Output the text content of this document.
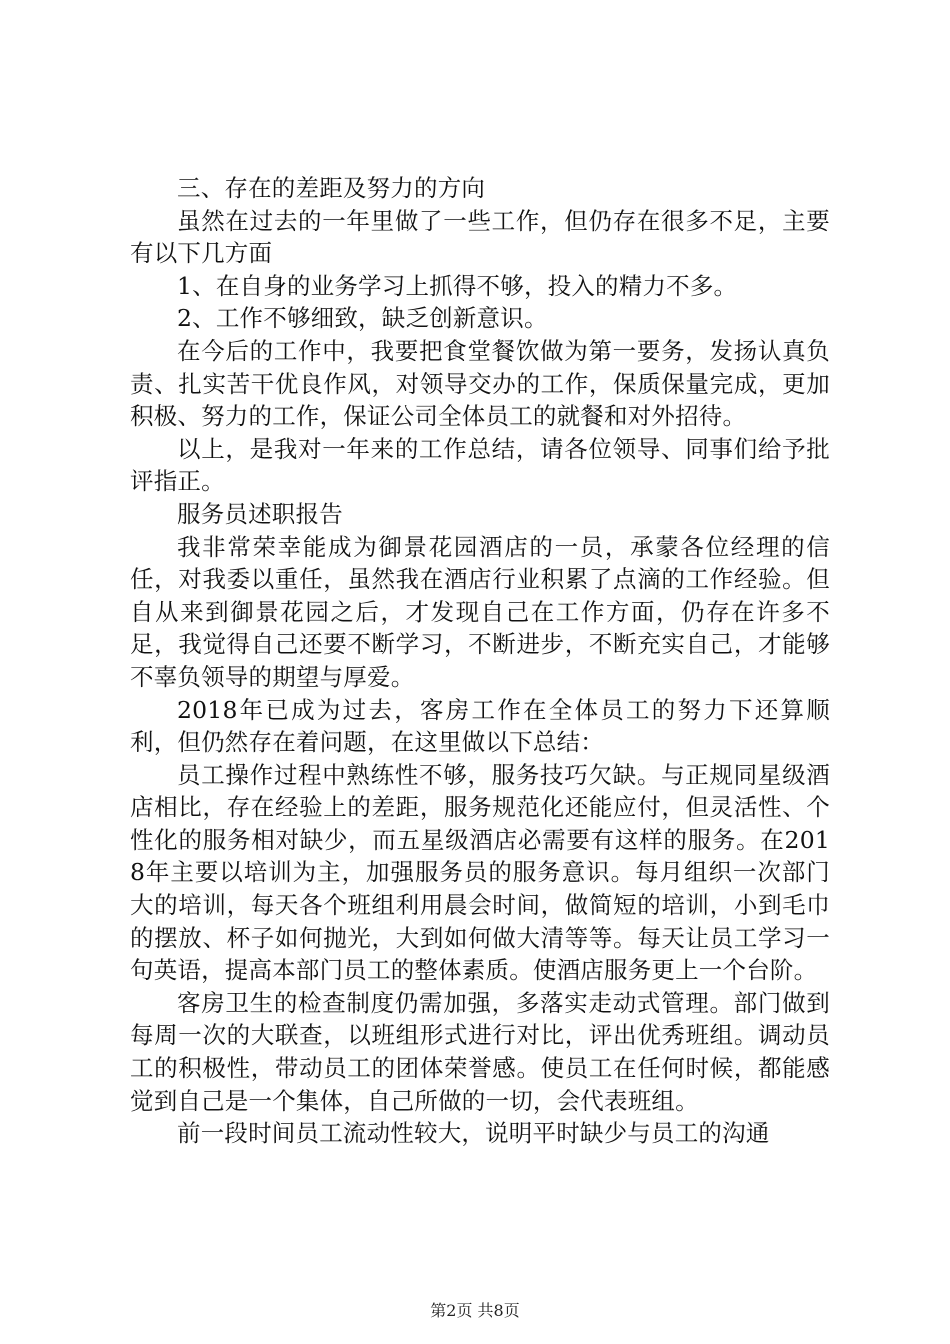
三、存在的差距及努力的方向

虽然在过去的一年里做了一些工作，但仍存在很多不足，主要有以下几方面

1、在自身的业务学习上抓得不够，投入的精力不多。

2、工作不够细致，缺乏创新意识。

在今后的工作中，我要把食堂餐饮做为第一要务，发扬认真负责、扎实苦干优良作风，对领导交办的工作，保质保量完成，更加积极、努力的工作，保证公司全体员工的就餐和对外招待。

以上，是我对一年来的工作总结，请各位领导、同事们给予批评指正。

服务员述职报告

我非常荣幸能成为御景花园酒店的一员，承蒙各位经理的信任，对我委以重任，虽然我在酒店行业积累了点滴的工作经验。但自从来到御景花园之后，才发现自己在工作方面，仍存在许多不足，我觉得自己还要不断学习，不断进步，不断充实自己，才能够不辜负领导的期望与厚爱。

2018年已成为过去，客房工作在全体员工的努力下还算顺利，但仍然存在着问题，在这里做以下总结：

员工操作过程中熟练性不够，服务技巧欠缺。与正规同星级酒店相比，存在经验上的差距，服务规范化还能应付，但灵活性、个性化的服务相对缺少，而五星级酒店必需要有这样的服务。在2018年主要以培训为主，加强服务员的服务意识。每月组织一次部门大的培训，每天各个班组利用晨会时间，做简短的培训，小到毛巾的摆放、杯子如何抛光，大到如何做大清等等。每天让员工学习一句英语，提高本部门员工的整体素质。使酒店服务更上一个台阶。

客房卫生的检查制度仍需加强，多落实走动式管理。部门做到每周一次的大联查，以班组形式进行对比，评出优秀班组。调动员工的积极性，带动员工的团体荣誉感。使员工在任何时候，都能感觉到自己是一个集体，自己所做的一切，会代表班组。

前一段时间员工流动性较大，说明平时缺少与员工的沟通

第2页 共8页
